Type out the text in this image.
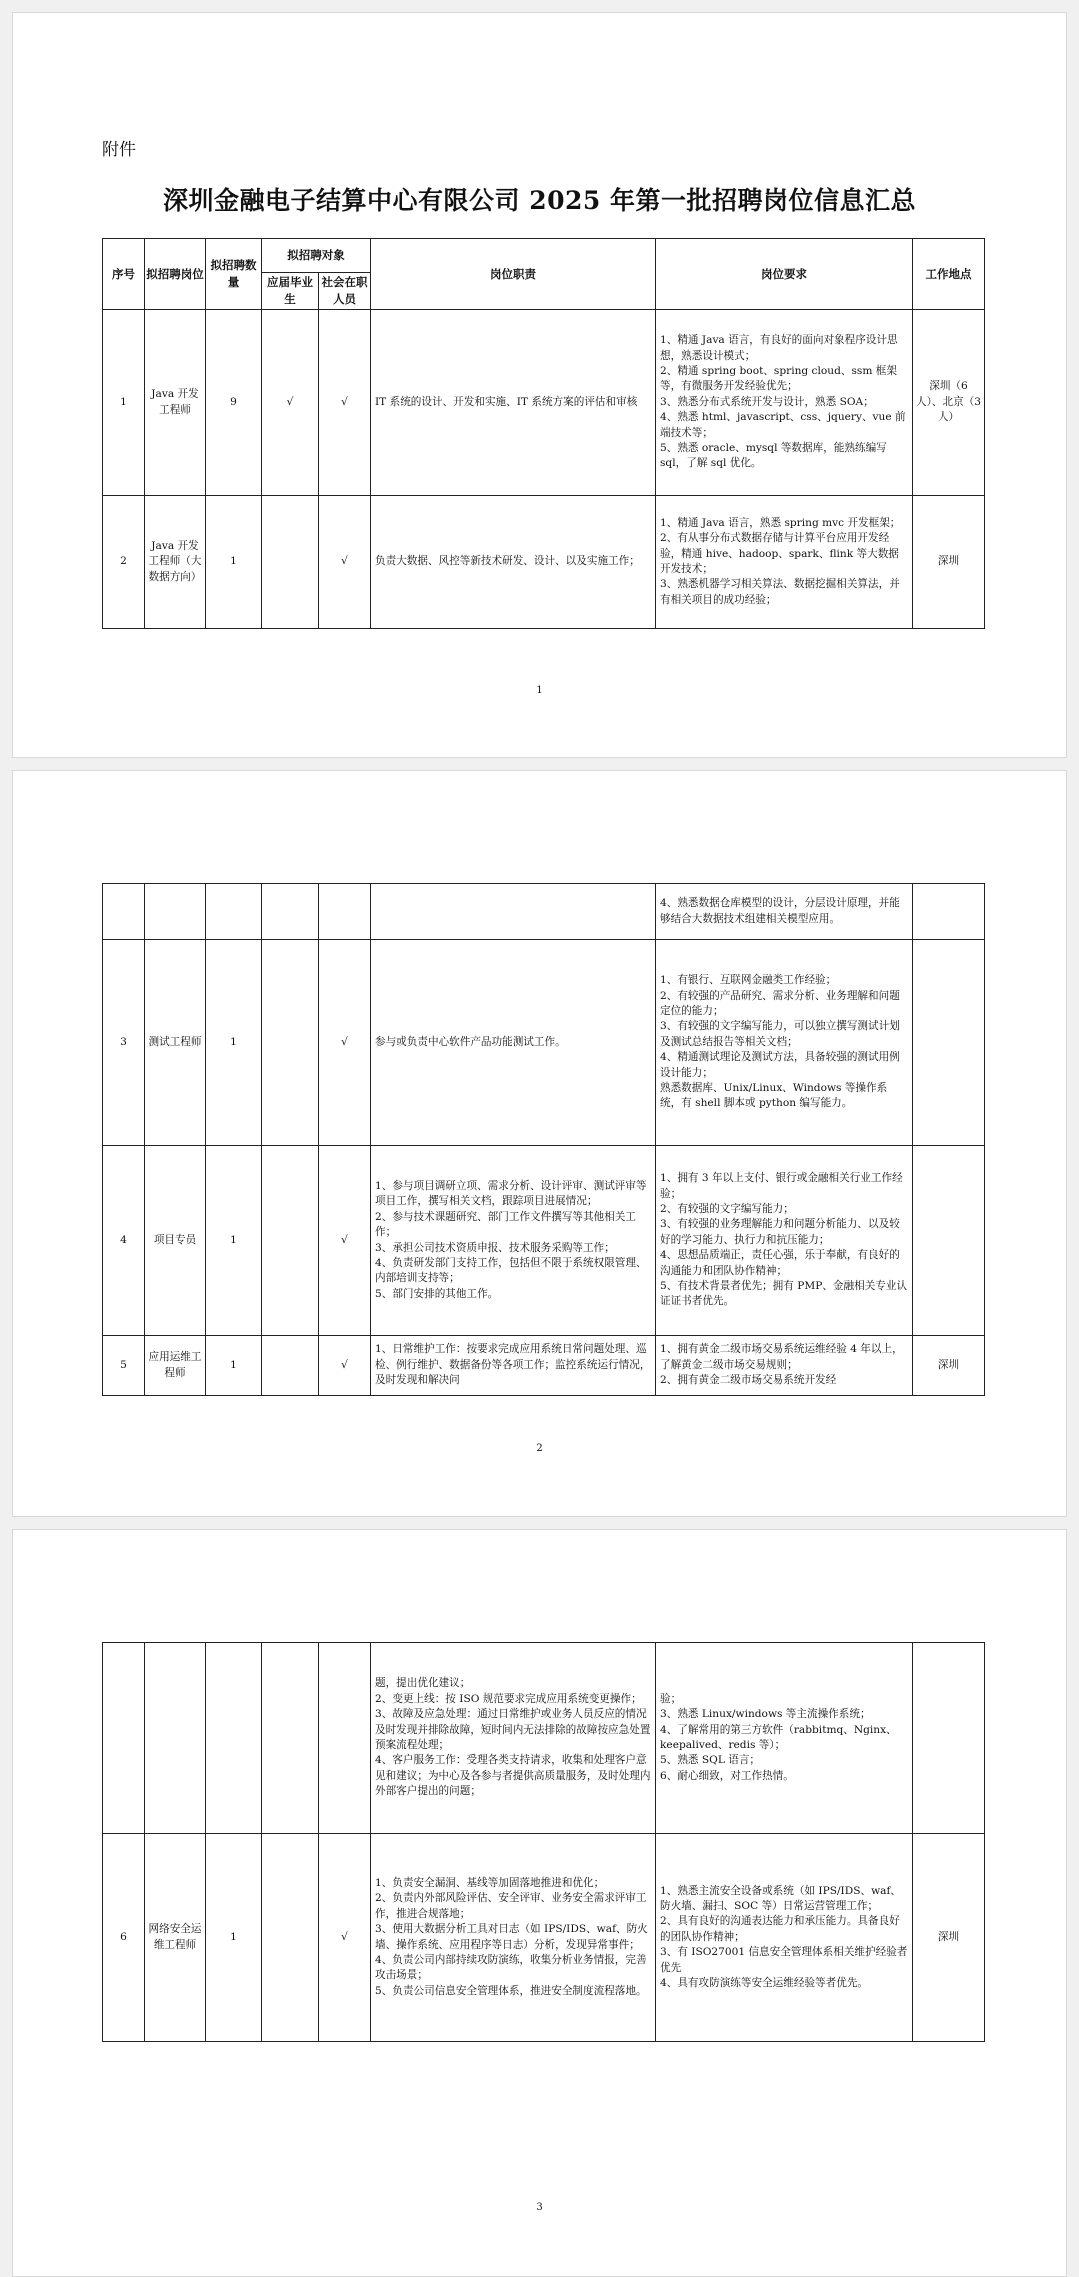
附件
深圳金融电子结算中心有限公司 2025 年第一批招聘岗位信息汇总
序号	拟招聘岗位	拟招聘数量	拟招聘对象		岗位职责	岗位要求	工作地点
			应届毕业生	社会在职人员			
1	Java 开发工程师	9	√	√	IT 系统的设计、开发和实施、IT 系统方案的评估和审核	1、精通 Java 语言，有良好的面向对象程序设计思想，熟悉设计模式；
2、精通 spring boot、spring cloud、ssm 框架等，有微服务开发经验优先；
3、熟悉分布式系统开发与设计，熟悉 SOA；
4、熟悉 html、javascript、css、jquery、vue 前端技术等；
5、熟悉 oracle、mysql 等数据库，能熟练编写 sql，了解 sql 优化。	深圳（6 人）、北京（3 人）
2	Java 开发工程师（大数据方向）	1		√	负责大数据、风控等新技术研发、设计、以及实施工作；	1、精通 Java 语言，熟悉 spring mvc 开发框架；
2、有从事分布式数据存储与计算平台应用开发经验，精通 hive、hadoop、spark、flink 等大数据开发技术；
3、熟悉机器学习相关算法、数据挖掘相关算法，并有相关项目的成功经验；	深圳
1
						4、熟悉数据仓库模型的设计，分层设计原理，并能够结合大数据技术组建相关模型应用。	
3	测试工程师	1		√	参与或负责中心软件产品功能测试工作。	1、有银行、互联网金融类工作经验；
2、有较强的产品研究、需求分析、业务理解和问题定位的能力；
3、有较强的文字编写能力，可以独立撰写测试计划及测试总结报告等相关文档；
4、精通测试理论及测试方法，具备较强的测试用例设计能力；
熟悉数据库、Unix/Linux、Windows 等操作系统，有 shell 脚本或 python 编写能力。	
4	项目专员	1		√	1、参与项目调研立项、需求分析、设计评审、测试评审等项目工作，撰写相关文档，跟踪项目进展情况；
2、参与技术课题研究、部门工作文件撰写等其他相关工作；
3、承担公司技术资质申报、技术服务采购等工作；
4、负责研发部门支持工作，包括但不限于系统权限管理、内部培训支持等；
5、部门安排的其他工作。	1、拥有 3 年以上支付、银行或金融相关行业工作经验；
2、有较强的文字编写能力；
3、有较强的业务理解能力和问题分析能力、以及较好的学习能力、执行力和抗压能力；
4、思想品质端正，责任心强，乐于奉献，有良好的沟通能力和团队协作精神；
5、有技术背景者优先；拥有 PMP、金融相关专业认证证书者优先。	
5	应用运维工程师	1		√	1、日常维护工作：按要求完成应用系统日常问题处理、巡检、例行维护、数据备份等各项工作；监控系统运行情况，及时发现和解决问	1、拥有黄金二级市场交易系统运维经验 4 年以上，了解黄金二级市场交易规则；
2、拥有黄金二级市场交易系统开发经	深圳
2
					题，提出优化建议；
2、变更上线：按 ISO 规范要求完成应用系统变更操作；3、故障及应急处理：通过日常维护或业务人员反应的情况及时发现并排除故障，短时间内无法排除的故障按应急处置预案流程处理；
4、客户服务工作：受理各类支持请求，收集和处理客户意见和建议；为中心及各参与者提供高质量服务，及时处理内外部客户提出的问题；	验；
3、熟悉 Linux/windows 等主流操作系统；
4、了解常用的第三方软件（rabbitmq、Nginx、keepalived、redis 等）；
5、熟悉 SQL 语言；
6、耐心细致，对工作热情。	
6	网络安全运维工程师	1		√	1、负责安全漏洞、基线等加固落地推进和优化；
2、负责内外部风险评估、安全评审、业务安全需求评审工作，推进合规落地；
3、使用大数据分析工具对日志（如 IPS/IDS、waf、防火墙、操作系统、应用程序等日志）分析，发现异常事件；
4、负责公司内部持续攻防演练，收集分析业务情报，完善攻击场景；
5、负责公司信息安全管理体系，推进安全制度流程落地。	1、熟悉主流安全设备或系统（如 IPS/IDS、waf、防火墙、漏扫、SOC 等）日常运营管理工作；
2、具有良好的沟通表达能力和承压能力。具备良好的团队协作精神；
3、有 ISO27001 信息安全管理体系相关维护经验者优先
4、具有攻防演练等安全运维经验等者优先。	深圳
3
